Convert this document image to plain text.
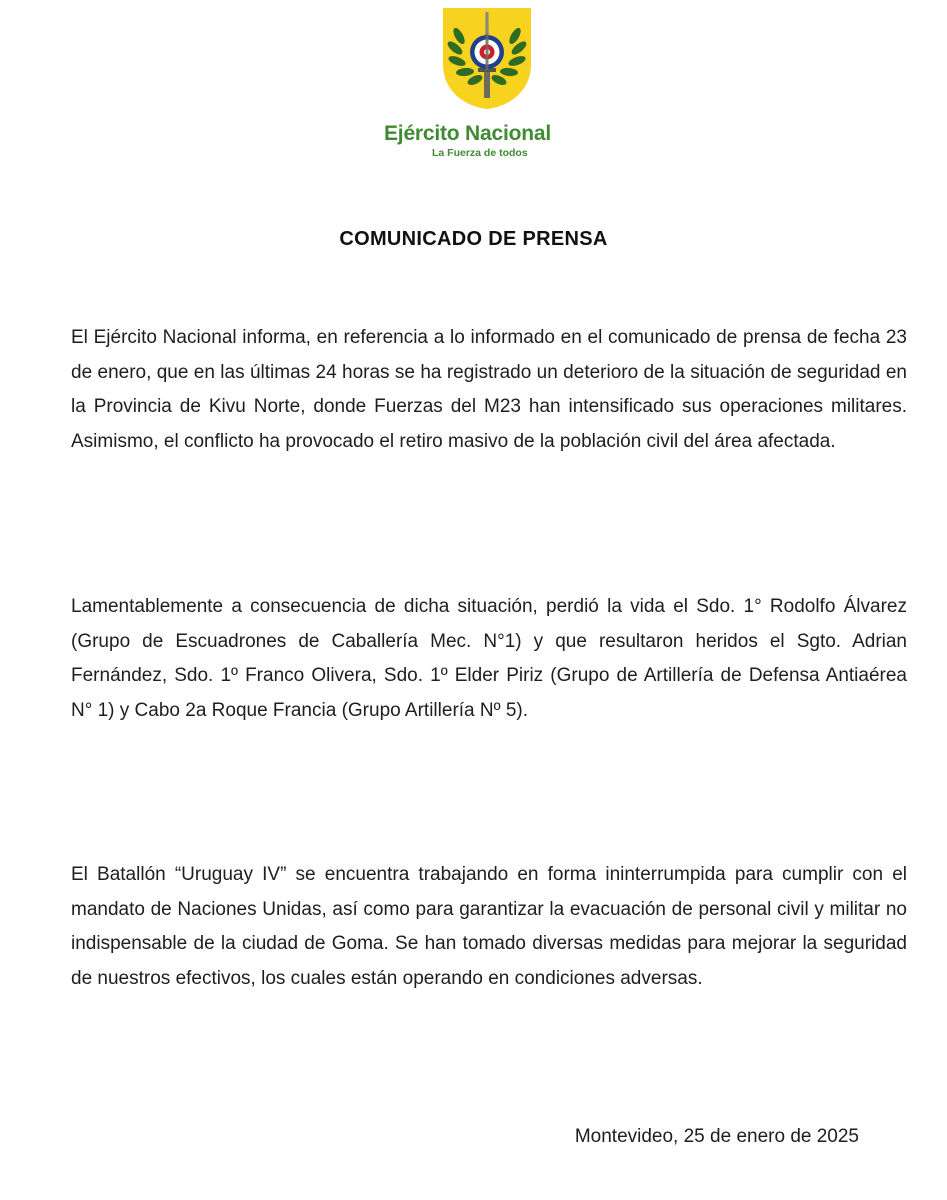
Ejército Nacional
La Fuerza de todos
COMUNICADO DE PRENSA

El Ejército Nacional informa, en referencia a lo informado en el comunicado de prensa de fecha 23 de enero, que en las últimas 24 horas se ha registrado un deterioro de la situación de seguridad en la Provincia de Kivu Norte, donde Fuerzas del M23 han intensificado sus operaciones militares. Asimismo, el conflicto ha provocado el retiro masivo de la población civil del área afectada.

Lamentablemente a consecuencia de dicha situación, perdió la vida el Sdo. 1° Rodolfo Álvarez (Grupo de Escuadrones de Caballería Mec. N°1) y que resultaron heridos el Sgto. Adrian Fernández, Sdo. 1º Franco Olivera, Sdo. 1º Elder Piriz (Grupo de Artillería de Defensa Antiaérea N° 1) y Cabo 2a Roque Francia (Grupo Artillería Nº 5).

El Batallón “Uruguay IV” se encuentra trabajando en forma ininterrumpida para cumplir con el mandato de Naciones Unidas, así como para garantizar la evacuación de personal civil y militar no indispensable de la ciudad de Goma. Se han tomado diversas medidas para mejorar la seguridad de nuestros efectivos, los cuales están operando en condiciones adversas.

Montevideo, 25 de enero de 2025
